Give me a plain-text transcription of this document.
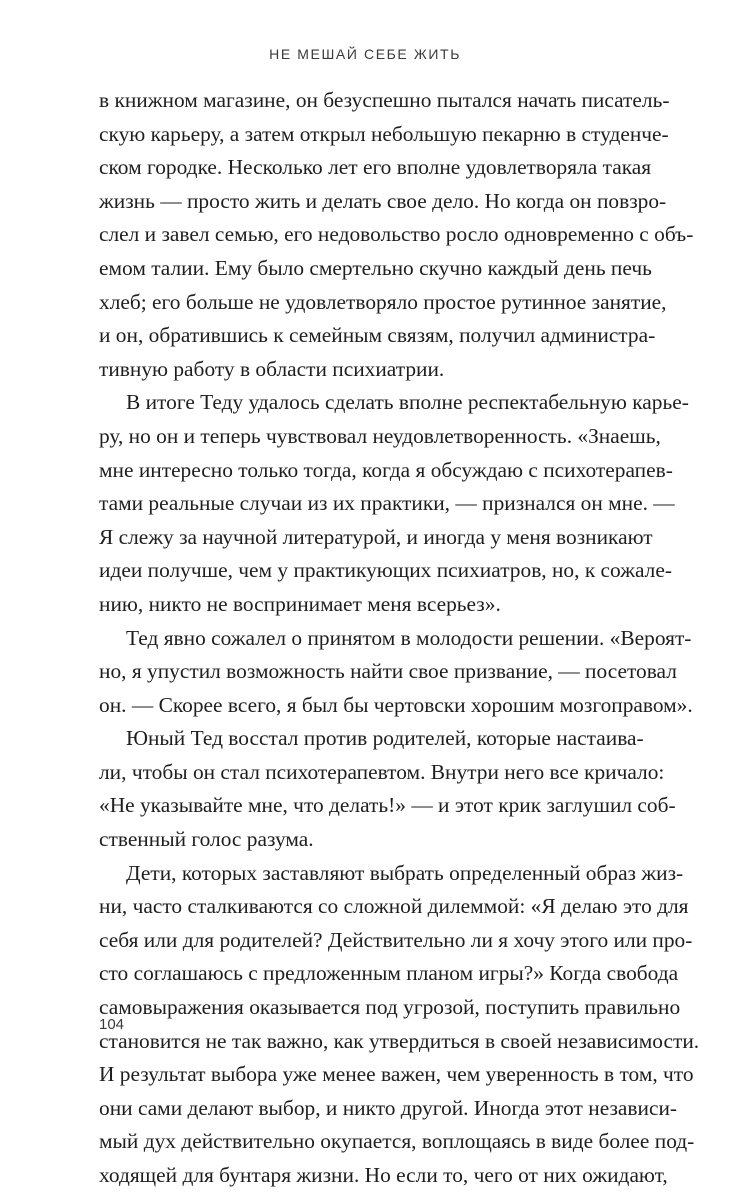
НЕ МЕШАЙ СЕБЕ ЖИТЬ
в книжном магазине, он безуспешно пытался начать писатель-
скую карьеру, а затем открыл небольшую пекарню в студенче-
ском городке. Несколько лет его вполне удовлетворяла такая
жизнь — просто жить и делать свое дело. Но когда он повзро-
слел и завел семью, его недовольство росло одновременно с объ-
емом талии. Ему было смертельно скучно каждый день печь
хлеб; его больше не удовлетворяло простое рутинное занятие,
и он, обратившись к семейным связям, получил администра-
тивную работу в области психиатрии.
В итоге Теду удалось сделать вполне респектабельную карье-
ру, но он и теперь чувствовал неудовлетворенность. «Знаешь,
мне интересно только тогда, когда я обсуждаю с психотерапев-
тами реальные случаи из их практики, — признался он мне. —
Я слежу за научной литературой, и иногда у меня возникают
идеи получше, чем у практикующих психиатров, но, к сожале-
нию, никто не воспринимает меня всерьез».
Тед явно сожалел о принятом в молодости решении. «Вероят-
но, я упустил возможность найти свое призвание, — посетовал
он. — Скорее всего, я был бы чертовски хорошим мозгоправом».
Юный Тед восстал против родителей, которые настаива-
ли, чтобы он стал психотерапевтом. Внутри него все кричало:
«Не указывайте мне, что делать!» — и этот крик заглушил соб-
ственный голос разума.
Дети, которых заставляют выбрать определенный образ жиз-
ни, часто сталкиваются со сложной дилеммой: «Я делаю это для
себя или для родителей? Действительно ли я хочу этого или про-
сто соглашаюсь с предложенным планом игры?» Когда свобода
самовыражения оказывается под угрозой, поступить правильно
становится не так важно, как утвердиться в своей независимости.
И результат выбора уже менее важен, чем уверенность в том, что
они сами делают выбор, и никто другой. Иногда этот независи-
мый дух действительно окупается, воплощаясь в виде более под-
ходящей для бунтаря жизни. Но если то, чего от них ожидают,
104
